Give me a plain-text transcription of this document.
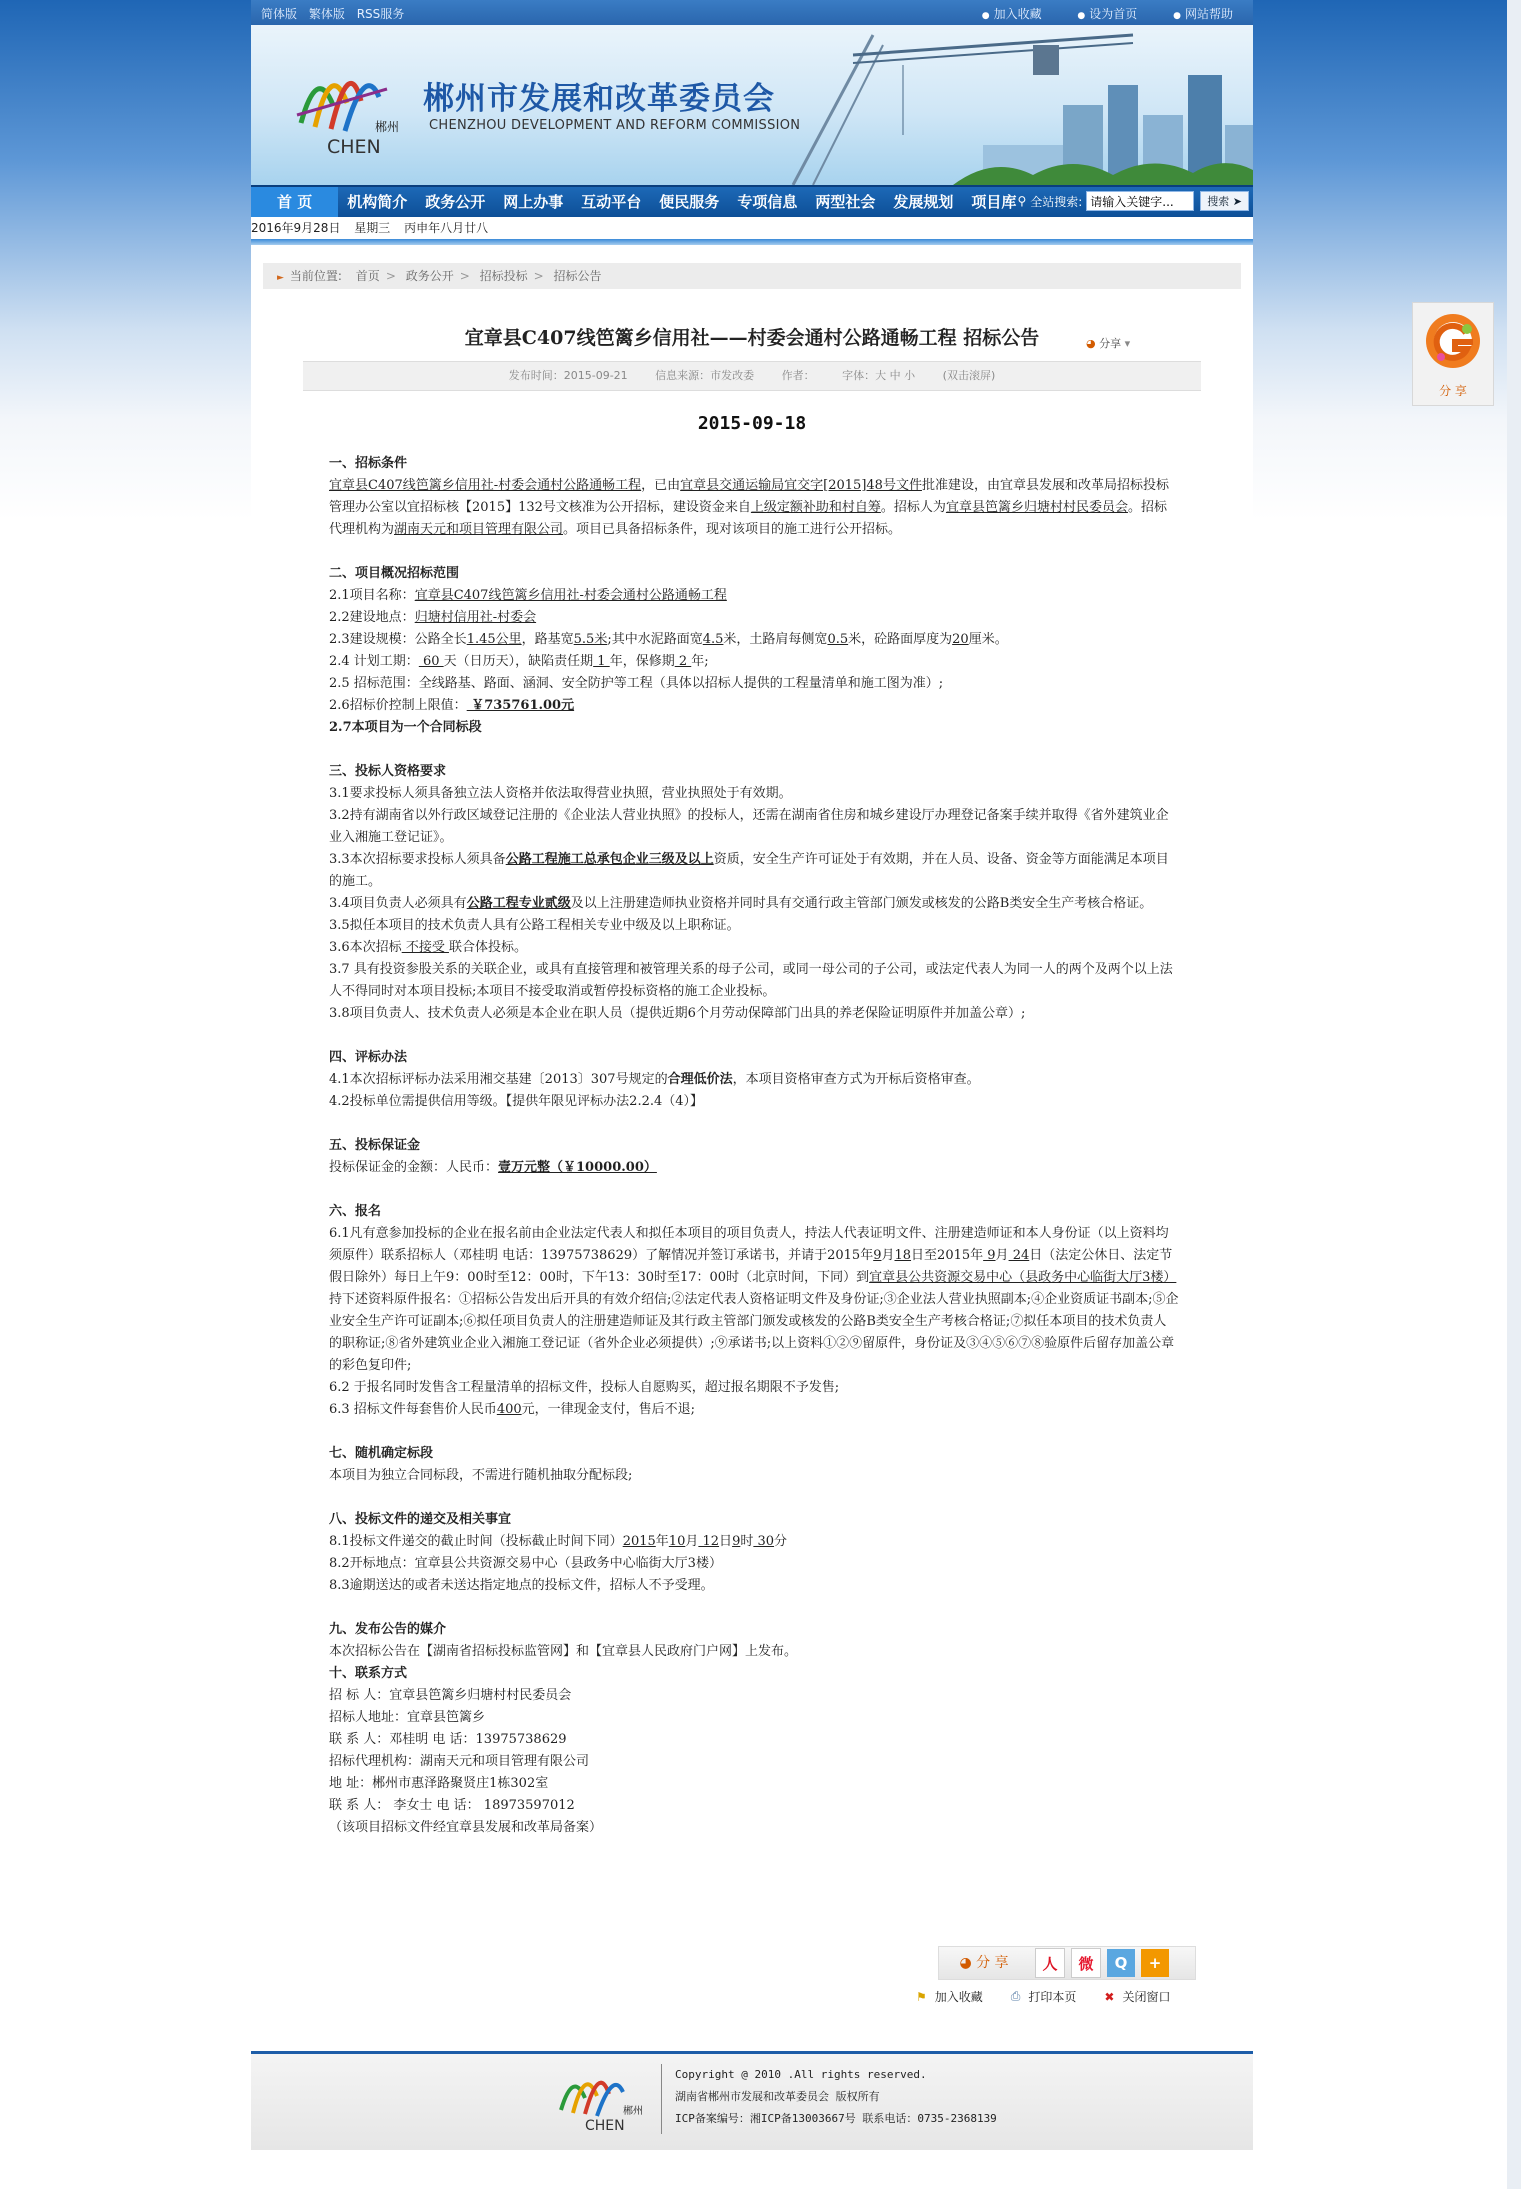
简体版 繁体版 RSS服务	● 加入收藏	● 设为首页	● 网站帮助
郴州
CHEN
郴州市发展和改革委员会
CHENZHOU DEVELOPMENT AND REFORM COMMISSION
首 页	机构简介	政务公开	网上办事	互动平台	便民服务	专项信息	两型社会	发展规划	项目库 ⚲ 全站搜索:
请输入关键字...	搜索 ➤
2016年9月28日 星期三 丙申年八月廿八
► 当前位置: 首页 > 政务公开 > 招标投标 > 招标公告
宜章县C407线笆篱乡信用社——村委会通村公路通畅工程 招标公告	◕ 分享 ▾
发布时间：2015-09-21	信息来源：市发改委	作者：	字体：大 中 小	(双击滚屏)
2015-09-18

一、招标条件

宜章县C407线笆篱乡信用社-村委会通村公路通畅工程，已由宜章县交通运输局宜交字[2015]48号文件批准建设，由宜章县发展和改革局招标投标管理办公室以宜招标核【2015】132号文核准为公开招标，建设资金来自上级定额补助和村自筹。招标人为宜章县笆篱乡归塘村村民委员会。招标代理机构为湖南天元和项目管理有限公司。项目已具备招标条件，现对该项目的施工进行公开招标。

二、项目概况招标范围

2.1项目名称：宜章县C407线笆篱乡信用社-村委会通村公路通畅工程

2.2建设地点：归塘村信用社-村委会

2.3建设规模：公路全长1.45公里，路基宽5.5米;其中水泥路面宽4.5米，土路肩每侧宽0.5米，砼路面厚度为20厘米。

2.4 计划工期： 60 天（日历天），缺陷责任期 1 年，保修期 2 年;

2.5 招标范围：全线路基、路面、涵洞、安全防护等工程（具体以招标人提供的工程量清单和施工图为准）;

2.6招标价控制上限值： ￥735761.00元

2.7本项目为一个合同标段

三、投标人资格要求

3.1要求投标人须具备独立法人资格并依法取得营业执照，营业执照处于有效期。

3.2持有湖南省以外行政区域登记注册的《企业法人营业执照》的投标人，还需在湖南省住房和城乡建设厅办理登记备案手续并取得《省外建筑业企业入湘施工登记证》。

3.3本次招标要求投标人须具备公路工程施工总承包企业三级及以上资质，安全生产许可证处于有效期，并在人员、设备、资金等方面能满足本项目的施工。

3.4项目负责人必须具有公路工程专业贰级及以上注册建造师执业资格并同时具有交通行政主管部门颁发或核发的公路B类安全生产考核合格证。

3.5拟任本项目的技术负责人具有公路工程相关专业中级及以上职称证。

3.6本次招标 不接受 联合体投标。

3.7 具有投资参股关系的关联企业，或具有直接管理和被管理关系的母子公司，或同一母公司的子公司，或法定代表人为同一人的两个及两个以上法人不得同时对本项目投标;本项目不接受取消或暂停投标资格的施工企业投标。

3.8项目负责人、技术负责人必须是本企业在职人员（提供近期6个月劳动保障部门出具的养老保险证明原件并加盖公章）;

四、评标办法

4.1本次招标评标办法采用湘交基建〔2013〕307号规定的合理低价法，本项目资格审查方式为开标后资格审查。

4.2投标单位需提供信用等级。【提供年限见评标办法2.2.4（4）】

五、投标保证金

投标保证金的金额：人民币：壹万元整（￥10000.00）

六、报名

6.1凡有意参加投标的企业在报名前由企业法定代表人和拟任本项目的项目负责人，持法人代表证明文件、注册建造师证和本人身份证（以上资料均须原件）联系招标人（邓桂明 电话：13975738629）了解情况并签订承诺书，并请于2015年9月18日至2015年 9月 24日（法定公休日、法定节假日除外）每日上午9：00时至12：00时，下午13：30时至17：00时（北京时间，下同）到宜章县公共资源交易中心（县政务中心临街大厅3楼）持下述资料原件报名：①招标公告发出后开具的有效介绍信;②法定代表人资格证明文件及身份证;③企业法人营业执照副本;④企业资质证书副本;⑤企业安全生产许可证副本;⑥拟任项目负责人的注册建造师证及其行政主管部门颁发或核发的公路B类安全生产考核合格证;⑦拟任本项目的技术负责人的职称证;⑧省外建筑业企业入湘施工登记证（省外企业必须提供）;⑨承诺书;以上资料①②⑨留原件，身份证及③④⑤⑥⑦⑧验原件后留存加盖公章的彩色复印件;

6.2 于报名同时发售含工程量清单的招标文件，投标人自愿购买，超过报名期限不予发售;

6.3 招标文件每套售价人民币400元，一律现金支付，售后不退;

七、随机确定标段

本项目为独立合同标段，不需进行随机抽取分配标段;

八、投标文件的递交及相关事宜

8.1投标文件递交的截止时间（投标截止时间下同）2015年10月 12日9时 30分

8.2开标地点：宜章县公共资源交易中心（县政务中心临街大厅3楼）

8.3逾期送达的或者未送达指定地点的投标文件，招标人不予受理。

九、发布公告的媒介

本次招标公告在【湖南省招标投标监管网】和【宜章县人民政府门户网】上发布。

十、联系方式

招 标 人：宜章县笆篱乡归塘村村民委员会

招标人地址：宜章县笆篱乡

联 系 人：邓桂明 电 话：13975738629

招标代理机构：湖南天元和项目管理有限公司

地 址：郴州市惠泽路聚贤庄1栋302室

联 系 人： 李女士 电 话： 18973597012

（该项目招标文件经宜章县发展和改革局备案）

◕ 分 享	人	微	Q	+
⚑ 加入收藏 ⎙ 打印本页 ✖ 关闭窗口
郴州
CHEN
Copyright @ 2010 .All rights reserved.
湖南省郴州市发展和改革委员会 版权所有
ICP备案编号：湘ICP备13003667号 联系电话：0735-2368139
分 享
